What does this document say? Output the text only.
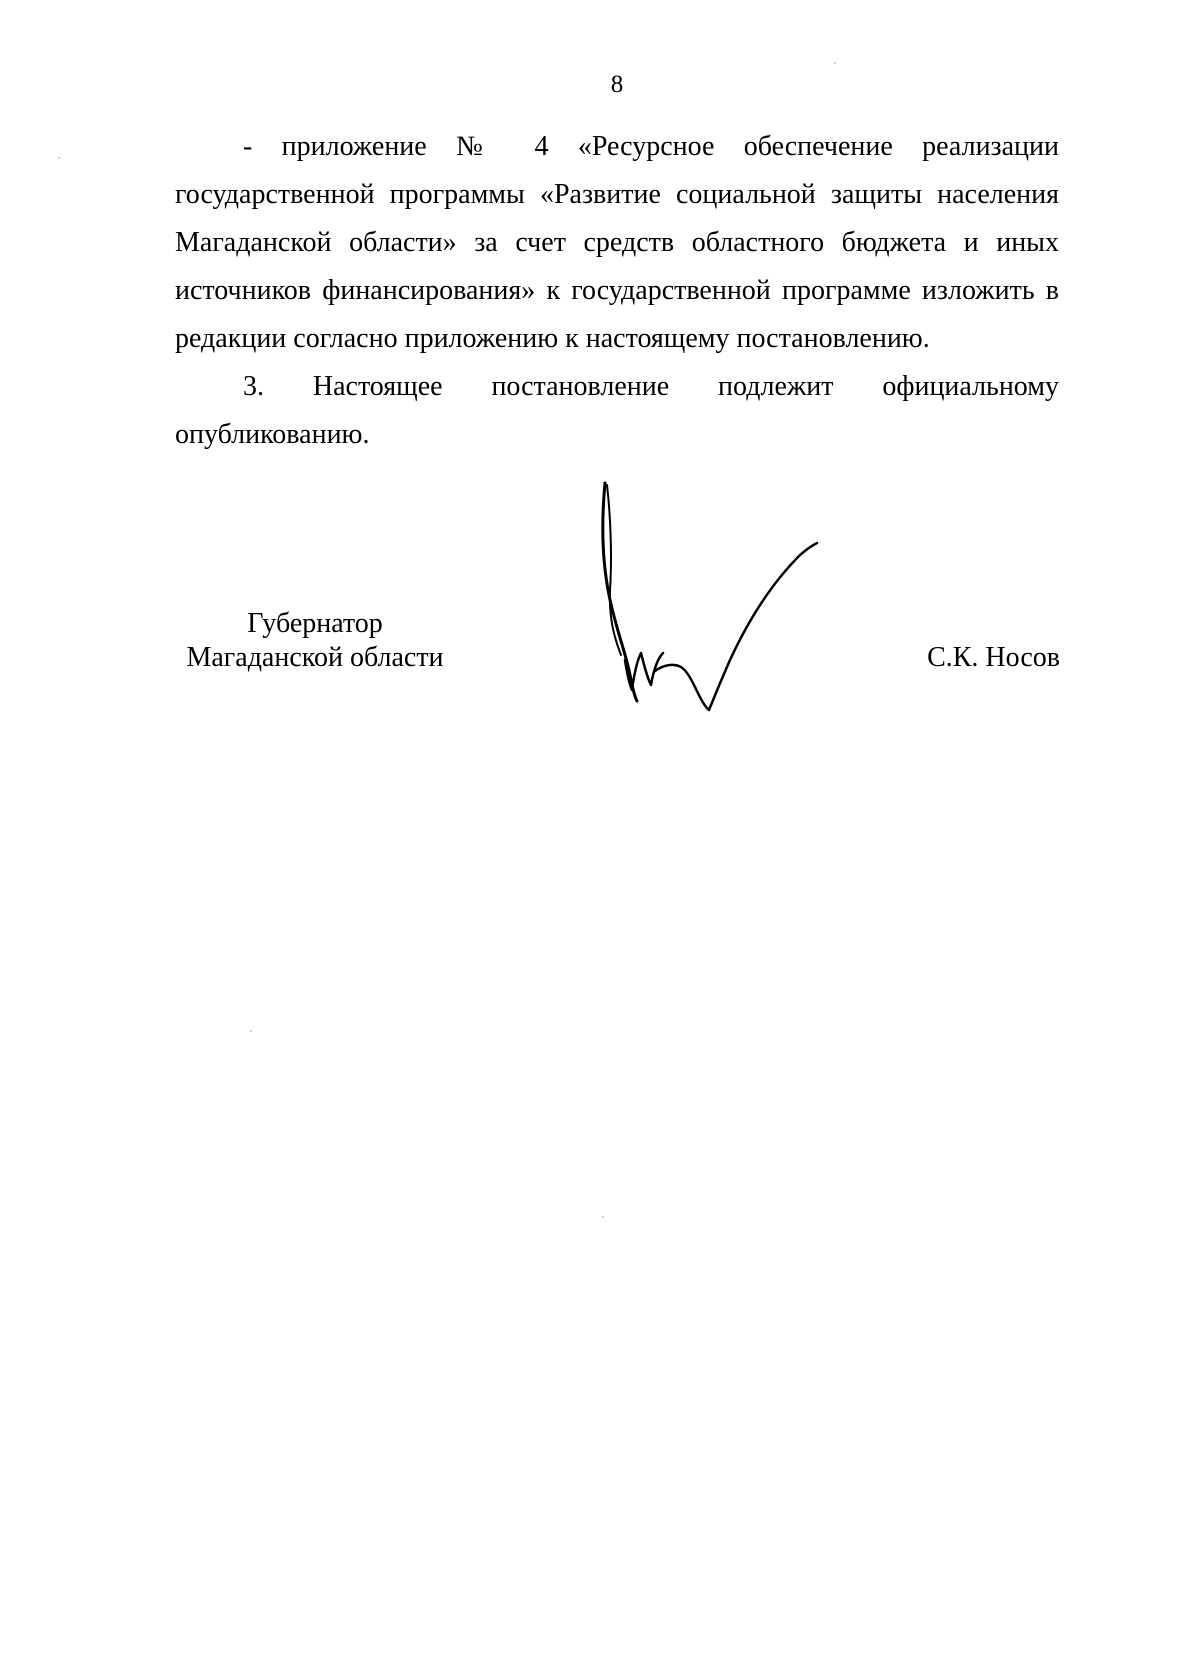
8

- приложение № 4 «Ресурсное обеспечение реализации государственной программы «Развитие социальной защиты населения Магаданской области» за счет средств областного бюджета и иных источников финансирования» к государственной программе изложить в редакции согласно приложению к настоящему постановлению.

3. Настоящее постановление подлежит официальному опубликованию.

Губернатор
Магаданской области	С.К. Носов
